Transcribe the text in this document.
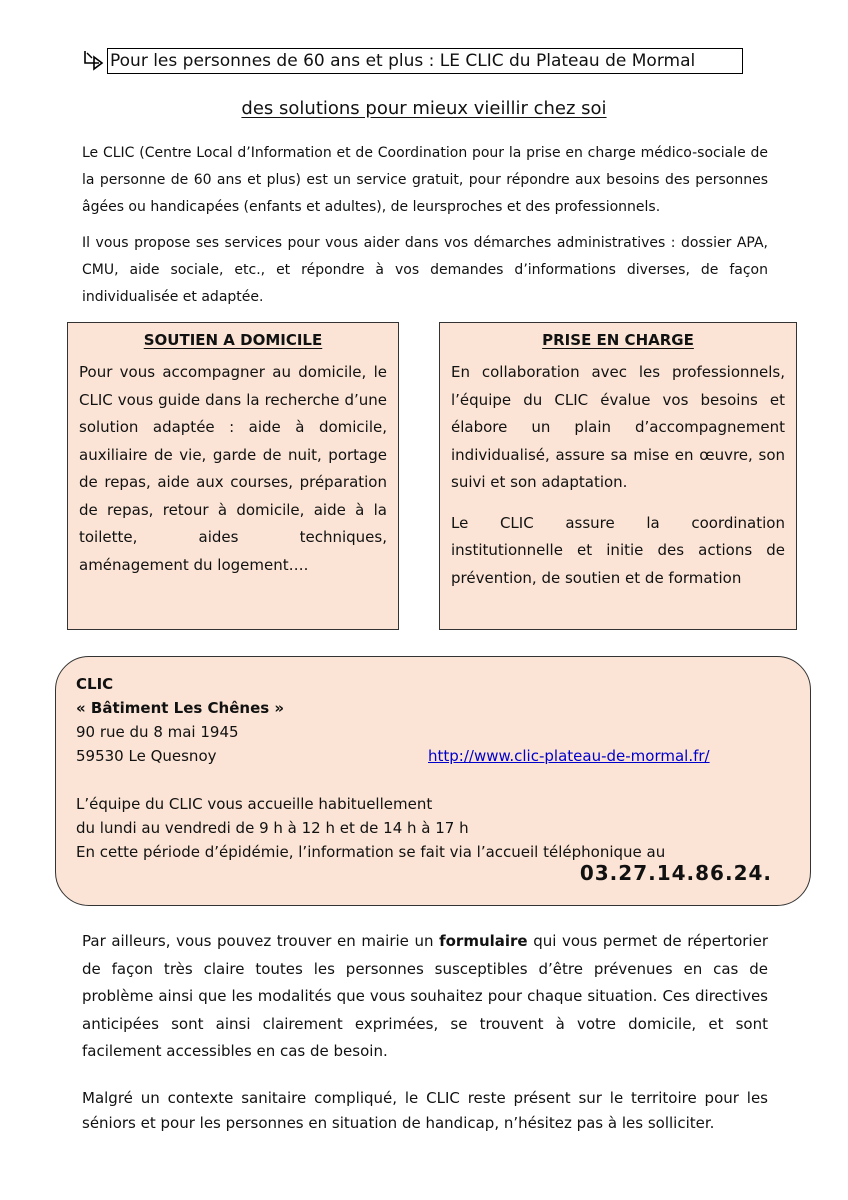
Pour les personnes de 60 ans et plus : LE CLIC du Plateau de Mormal
des solutions pour mieux vieillir chez soi
Le CLIC (Centre Local d’Information et de Coordination pour la prise en charge médico-sociale de la personne de 60 ans et plus) est un service gratuit, pour répondre aux besoins des personnes âgées ou handicapées (enfants et adultes), de leursproches et des professionnels.
Il vous propose ses services pour vous aider dans vos démarches administratives : dossier APA, CMU, aide sociale, etc., et répondre à vos demandes d’informations diverses, de façon individualisée et adaptée.
SOUTIEN A DOMICILE
Pour vous accompagner au domicile, le CLIC vous guide dans la recherche d’une solution adaptée : aide à domicile, auxiliaire de vie, garde de nuit, portage de repas, aide aux courses, préparation de repas, retour à domicile, aide à la toilette, aides techniques, aménagement du logement….
PRISE EN CHARGE
En collaboration avec les professionnels, l’équipe du CLIC évalue vos besoins et élabore un plain d’accompagnement individualisé, assure sa mise en œuvre, son suivi et son adaptation.
Le CLIC assure la coordination institutionnelle et initie des actions de prévention, de soutien et de formation
CLIC
« Bâtiment Les Chênes »
90 rue du 8 mai 1945
59530 Le Quesnoy	http://www.clic-plateau-de-mormal.fr/
L’équipe du CLIC vous accueille habituellement
du lundi au vendredi de 9 h à 12 h et de 14 h à 17 h
En cette période d’épidémie, l’information se fait via l’accueil téléphonique au
03.27.14.86.24.
Par ailleurs, vous pouvez trouver en mairie un formulaire qui vous permet de répertorier de façon très claire toutes les personnes susceptibles d’être prévenues en cas de problème ainsi que les modalités que vous souhaitez pour chaque situation. Ces directives anticipées sont ainsi clairement exprimées, se trouvent à votre domicile, et sont facilement accessibles en cas de besoin.
Malgré un contexte sanitaire compliqué, le CLIC reste présent sur le territoire pour les séniors et pour les personnes en situation de handicap, n’hésitez pas à les solliciter.
